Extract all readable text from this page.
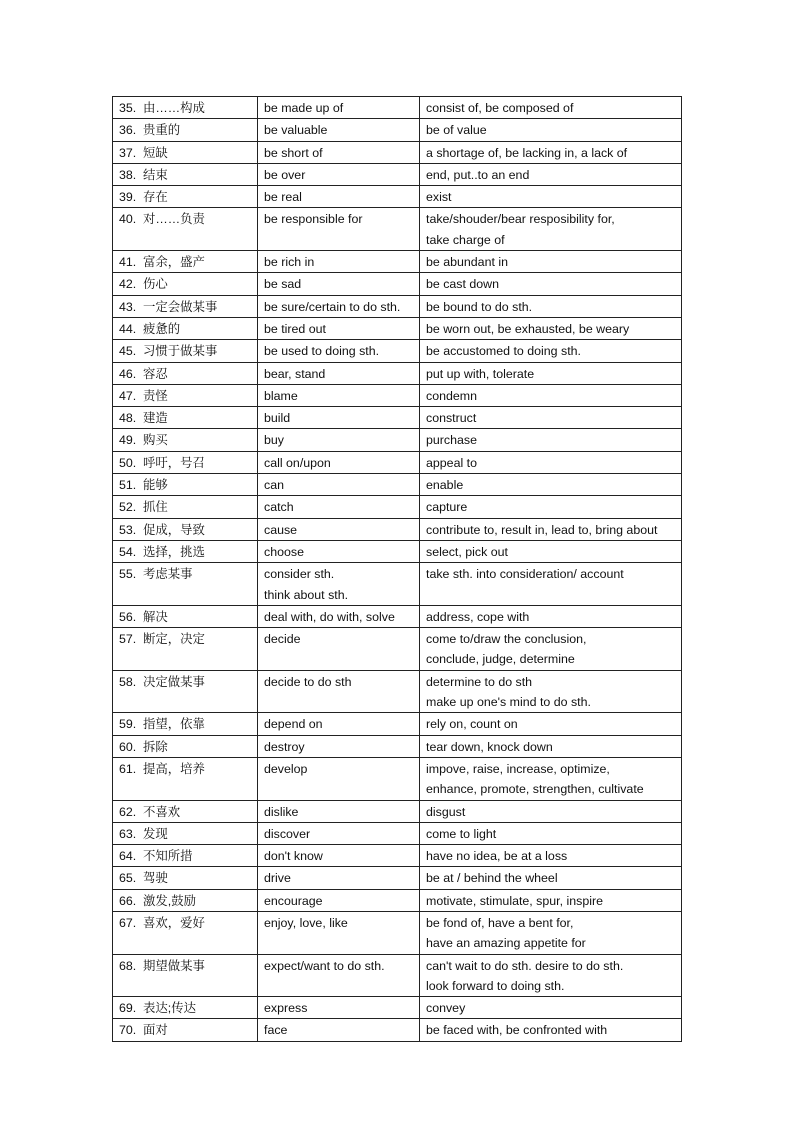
35. 由……构成	be made up of	consist of, be composed of

36. 贵重的	be valuable	be of value

37. 短缺	be short of	a shortage of, be lacking in, a lack of

38. 结束	be over	end, put..to an end

39. 存在	be real	exist

40. 对……负责	be responsible for	take/shouder/bear resposibility for,
take charge of

41. 富余，盛产	be rich in	be abundant in

42. 伤心	be sad	be cast down

43. 一定会做某事	be sure/certain to do sth.	be bound to do sth.

44. 疲惫的	be tired out	be worn out, be exhausted, be weary

45. 习惯于做某事	be used to doing sth.	be accustomed to doing sth.

46. 容忍	bear, stand	put up with, tolerate

47. 责怪	blame	condemn

48. 建造	build	construct

49. 购买	buy	purchase

50. 呼吁，号召	call on/upon	appeal to

51. 能够	can	enable

52. 抓住	catch	capture

53. 促成，导致	cause	contribute to, result in, lead to, bring about

54. 选择，挑选	choose	select, pick out

55. 考虑某事	consider sth.
think about sth.	take sth. into consideration/ account

56. 解决	deal with, do with, solve	address, cope with

57. 断定，决定	decide	come to/draw the conclusion,
conclude, judge, determine

58. 决定做某事	decide to do sth	determine to do sth
make up one's mind to do sth.

59. 指望，依靠	depend on	rely on, count on

60. 拆除	destroy	tear down, knock down

61. 提高，培养	develop	impove, raise, increase, optimize,
enhance, promote, strengthen, cultivate

62. 不喜欢	dislike	disgust

63. 发现	discover	come to light

64. 不知所措	don't know	have no idea, be at a loss

65. 驾驶	drive	be at / behind the wheel

66. 激发,鼓励	encourage	motivate, stimulate, spur, inspire

67. 喜欢，爱好	enjoy, love, like	be fond of, have a bent for,
have an amazing appetite for

68. 期望做某事	expect/want to do sth.	can't wait to do sth. desire to do sth.
look forward to doing sth.

69. 表达;传达	express	convey

70. 面对	face	be faced with, be confronted with
